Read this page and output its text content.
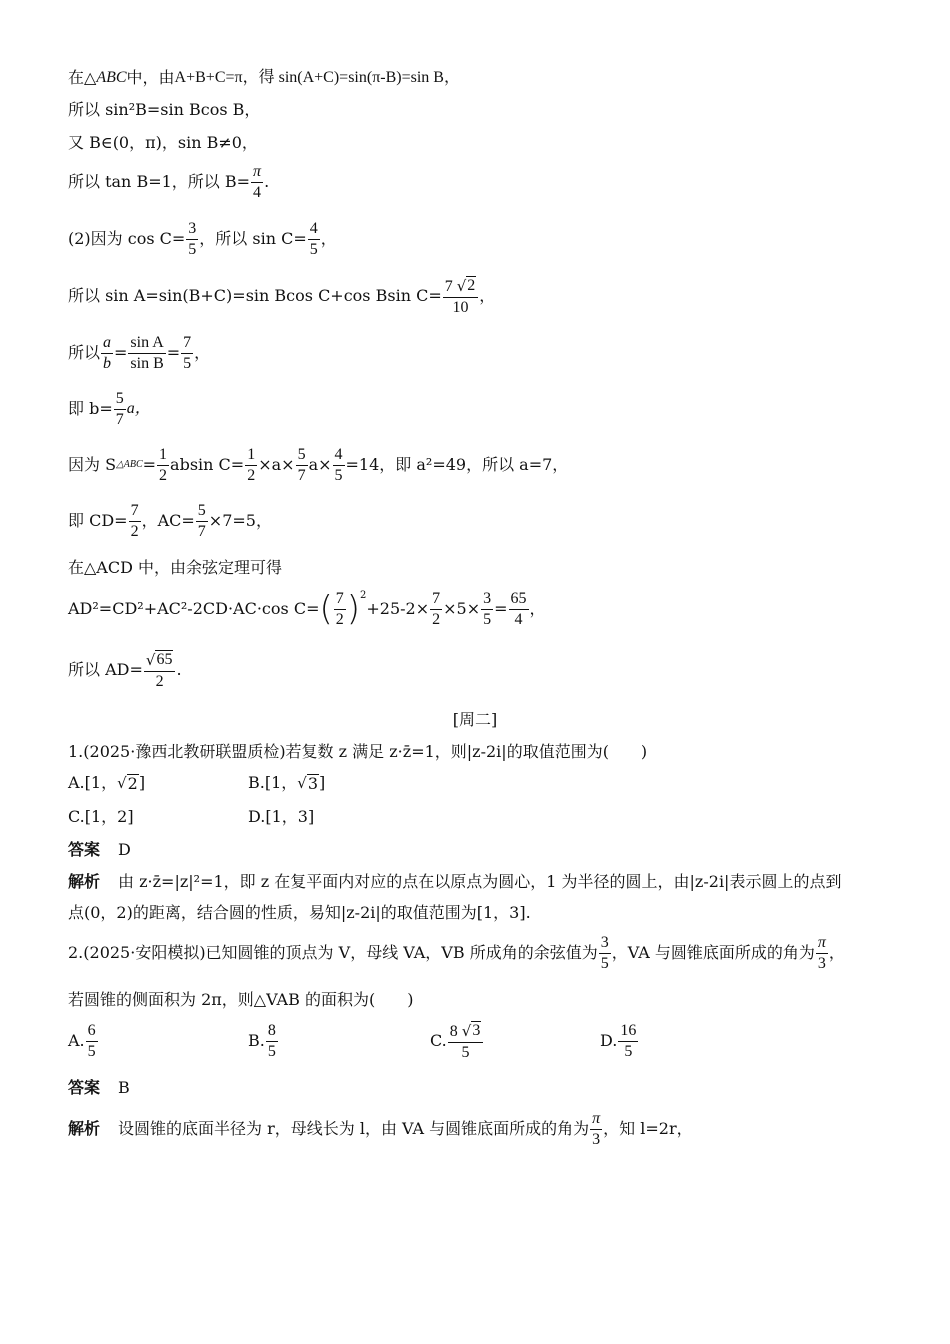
在△ ABC 中，由 A+B+C=π，得 sin(A+C)=sin(π-B)=sin B，
所以 sin²B=sin Bcos B，
又 B∈(0，π)，sin B≠0，
所以 tan B=1，所以 $B= \frac{\pi}{4}$ .
(2)因为 $\cos C= \frac{3}{5}$ ，所以 $\sin C= \frac{4}{5}$ ，
所以 sin A=sin(B+C)=sin Bcos C+cos Bsin $C= \frac{7 √ 2}{10}$ ，
所以 $\frac{a}{b} = \frac{\text{sin A}}{\text{sin B}} = \frac{7}{5}$ ，
即 $b= \frac{5}{7}$ a，
因为 S △ABC = $\frac{1}{2}$ absin $C= \frac{1}{2} \times a\times \frac{5}{7} a\times \frac{4}{5} =14$，即 a²=49，所以 a=7，
即 $CD= \frac{7}{2}$ ，$AC= \frac{5}{7} \times 7=5$，
在△ACD 中，由余弦定理可得
AD²=CD²+AC²-2CD·AC·cos C= ( $\frac{7}{2}$ ) 2
$+25-2\times \frac{7}{2} \times 5\times \frac{3}{5} = \frac{65}{4}$ ，
所以 $AD= \frac{√ 65}{2}$ .
[周二]
1.(2025·豫西北教研联盟质检)若复数 z 满足 z·z̄=1，则|z-2i|的取值范围为(　　)
A.[1， √ 2 ]	B.[1， √ 3 ]
C.[1，2]	D.[1，3]
答案 D
解析 由 z·z̄=|z|²=1，即 z 在复平面内对应的点在以原点为圆心，1 为半径的圆上，由|z-2i|表示圆上的点到
点(0，2)的距离，结合圆的性质，易知|z-2i|的取值范围为[1，3].
2.(2025·安阳模拟)已知圆锥的顶点为 V，母线 VA，VB 所成角的余弦值为 $\frac{3}{5}$ ，VA 与圆锥底面所成的角为 $\frac{\pi}{3}$ ，
若圆锥的侧面积为 2π，则△VAB 的面积为(　　)
A. $\frac{6}{5}$	B. $\frac{8}{5}$	C. $\frac{8 √ 3}{5}$	D. $\frac{16}{5}$
答案 B
解析 设圆锥的底面半径为 r，母线长为 l，由 VA 与圆锥底面所成的角为 $\frac{\pi}{3}$ ，知 l=2r，
